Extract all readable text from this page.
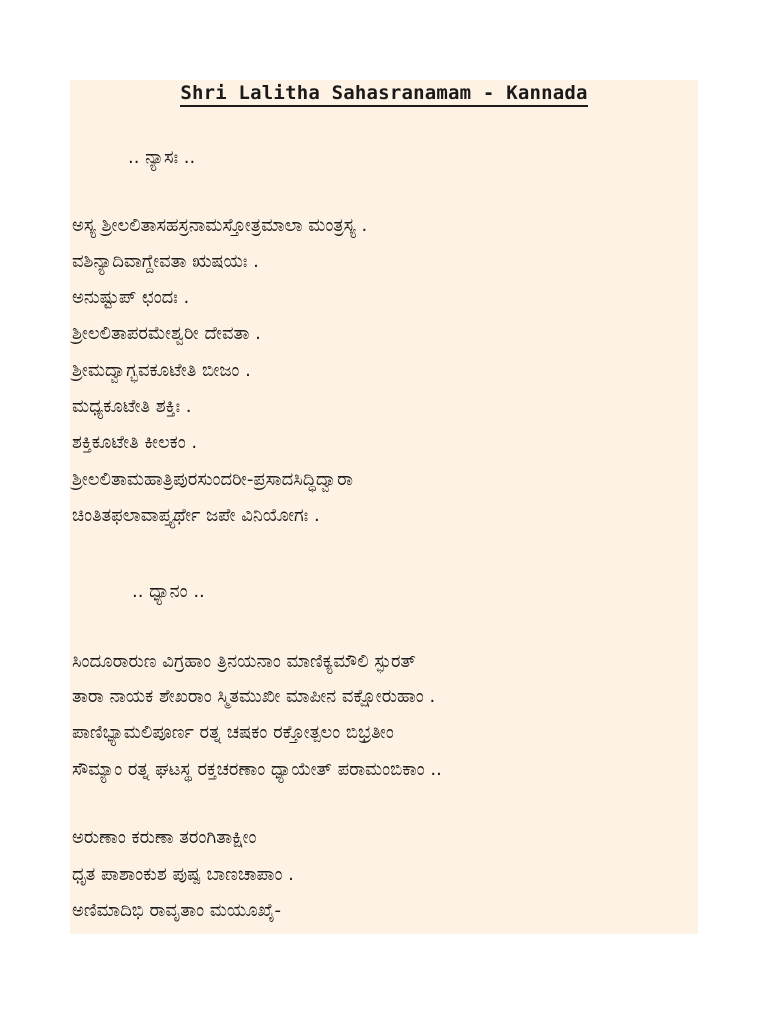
Shri Lalitha Sahasranamam - Kannada
.. ನ್ಯಾಸಃ ..
ಅಸ್ಯ ಶ್ರೀಲಲಿತಾಸಹಸ್ರನಾಮಸ್ತೋತ್ರಮಾಲಾ ಮಂತ್ರಸ್ಯ .
ವಶಿನ್ಯಾದಿವಾಗ್ದೇವತಾ ಋಷಯಃ .
ಅನುಷ್ಟುಪ್ ಛಂದಃ .
ಶ್ರೀಲಲಿತಾಪರಮೇಶ್ವರೀ ದೇವತಾ .
ಶ್ರೀಮದ್ವಾಗ್ಭವಕೂಟೇತಿ ಬೀಜಂ .
ಮಧ್ಯಕೂಟೇತಿ ಶಕ್ತಿಃ .
ಶಕ್ತಿಕೂಟೇತಿ ಕೀಲಕಂ .
ಶ್ರೀಲಲಿತಾಮಹಾತ್ರಿಪುರಸುಂದರೀ-ಪ್ರಸಾದಸಿದ್ಧಿದ್ವಾರಾ
ಚಿಂತಿತಫಲಾವಾಪ್ತ್ಯರ್ಥೇ ಜಪೇ ವಿನಿಯೋಗಃ .
.. ಧ್ಯಾನಂ ..
ಸಿಂದೂರಾರುಣ ವಿಗ್ರಹಾಂ ತ್ರಿನಯನಾಂ ಮಾಣಿಕ್ಯಮೌಲಿ ಸ್ಫುರತ್
ತಾರಾ ನಾಯಕ ಶೇಖರಾಂ ಸ್ಮಿತಮುಖೀ ಮಾಪೀನ ವಕ್ಷೋರುಹಾಂ .
ಪಾಣಿಭ್ಯಾಮಲಿಪೂರ್ಣ ರತ್ನ ಚಷಕಂ ರಕ್ತೋತ್ಪಲಂ ಬಿಭ್ರತೀಂ
ಸೌಮ್ಯಾಂ ರತ್ನ ಘಟಸ್ಥ ರಕ್ತಚರಣಾಂ ಧ್ಯಾಯೇತ್ ಪರಾಮಂಬಿಕಾಂ ..
ಅರುಣಾಂ ಕರುಣಾ ತರಂಗಿತಾಕ್ಷೀಂ
ಧೃತ ಪಾಶಾಂಕುಶ ಪುಷ್ಪ ಬಾಣಚಾಪಾಂ .
ಅಣಿಮಾದಿಭಿ ರಾವೃತಾಂ ಮಯೂಖೈ-
